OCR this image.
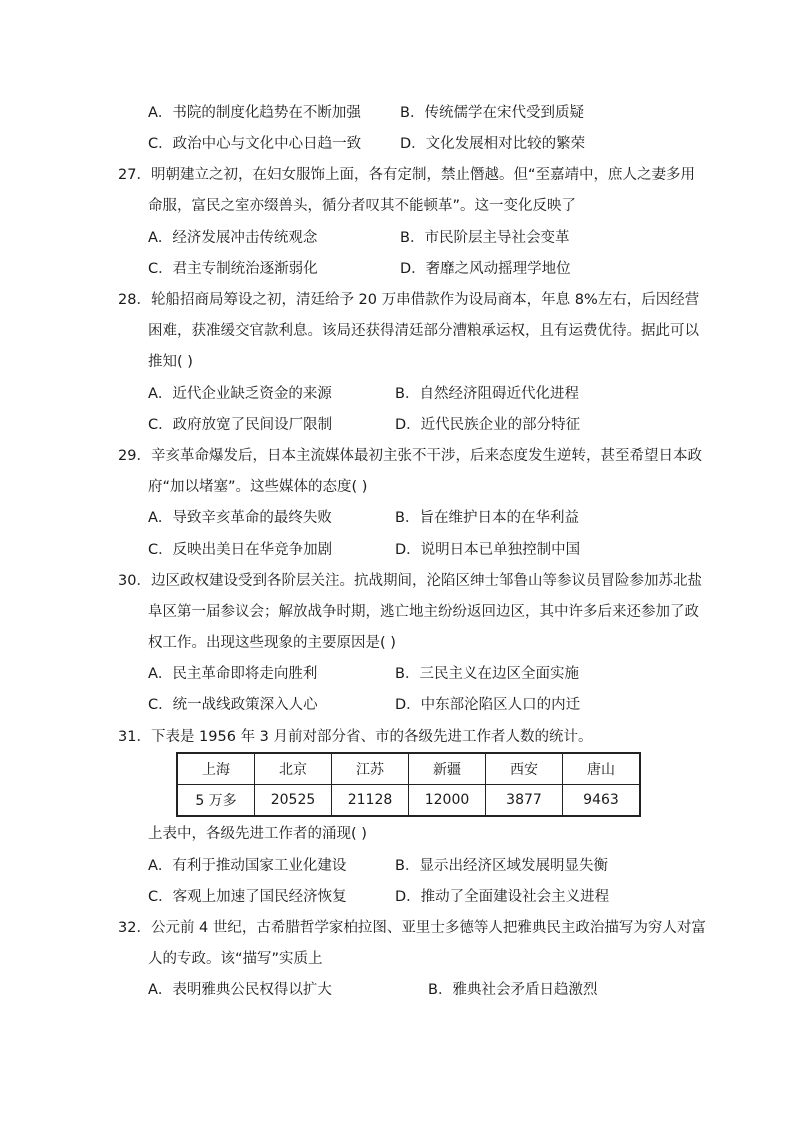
A．书院的制度化趋势在不断加强	B．传统儒学在宋代受到质疑
C．政治中心与文化中心日趋一致	D．文化发展相对比较的繁荣
27．明朝建立之初，在妇女服饰上面，各有定制，禁止僭越。但“至嘉靖中，庶人之妻多用
命服，富民之室亦缀兽头，循分者叹其不能顿革”。这一变化反映了
A．经济发展冲击传统观念	B．市民阶层主导社会变革
C．君主专制统治逐渐弱化	D．奢靡之风动摇理学地位
28．轮船招商局筹设之初，清廷给予 20 万串借款作为设局商本，年息 8%左右，后因经营
困难，获准缓交官款利息。该局还获得清廷部分漕粮承运权，且有运费优待。据此可以
推知( )
A．近代企业缺乏资金的来源	B．自然经济阻碍近代化进程
C．政府放宽了民间设厂限制	D．近代民族企业的部分特征
29．辛亥革命爆发后，日本主流媒体最初主张不干涉，后来态度发生逆转，甚至希望日本政
府“加以堵塞”。这些媒体的态度( )
A．导致辛亥革命的最终失败	B．旨在维护日本的在华利益
C．反映出美日在华竞争加剧	D．说明日本已单独控制中国
30．边区政权建设受到各阶层关注。抗战期间，沦陷区绅士邹鲁山等参议员冒险参加苏北盐
阜区第一届参议会；解放战争时期，逃亡地主纷纷返回边区，其中许多后来还参加了政
权工作。出现这些现象的主要原因是( )
A．民主革命即将走向胜利	B．三民主义在边区全面实施
C．统一战线政策深入人心	D．中东部沦陷区人口的内迁
31．下表是 1956 年 3 月前对部分省、市的各级先进工作者人数的统计。
上海	北京	江苏	新疆	西安	唐山
5 万多	20525	21128	12000	3877	9463
上表中，各级先进工作者的涌现( )
A．有利于推动国家工业化建设	B．显示出经济区域发展明显失衡
C．客观上加速了国民经济恢复	D．推动了全面建设社会主义进程
32．公元前 4 世纪，古希腊哲学家柏拉图、亚里士多德等人把雅典民主政治描写为穷人对富
人的专政。该“描写”实质上
A．表明雅典公民权得以扩大	B．雅典社会矛盾日趋激烈
